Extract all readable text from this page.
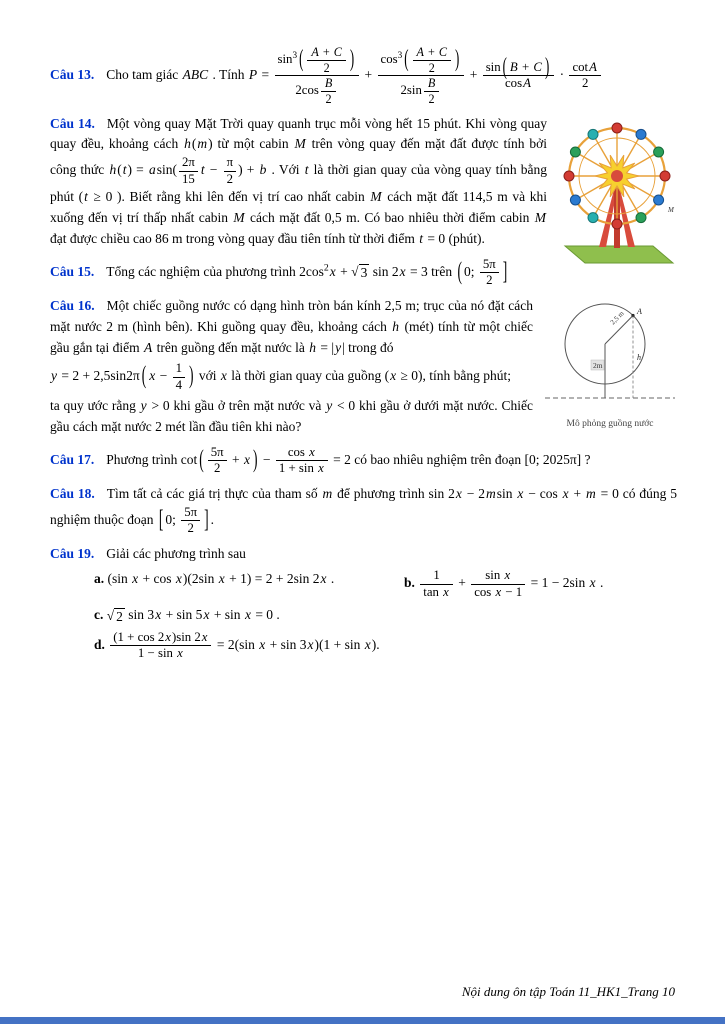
Câu 13. Cho tam giác ABC . Tính $P = \frac{\sin^3 ( \frac{A + C}{2} )}{2\cos \frac{B}{2}} + \frac{\cos^3 ( \frac{A + C}{2} )}{2\sin \frac{B}{2}} + \frac{\sin ( B + C )}{\cos A} \cdot \frac{\cot A}{2}$

M

Câu 14. Một vòng quay Mặt Trời quay quanh trục mỗi vòng hết 15 phút. Khi vòng quay quay đều, khoảng cách h(m) từ một cabin M trên vòng quay đến mặt đất được tính bởi công thức $h(t) = asin( \frac{2\pi}{15}$ $t - \frac{\pi}{2}$ ) + b . Với t là thời gian quay của vòng quay tính bằng phút (t ≥ 0 ). Biết rằng khi lên đến vị trí cao nhất cabin M cách mặt đất 114,5 m và khi xuống đến vị trí thấp nhất cabin M cách mặt đất 0,5 m. Có bao nhiêu thời điểm cabin M đạt được chiều cao 86 m trong vòng quay đầu tiên tính từ thời điểm t = 0 (phút).

Câu 15. Tổng các nghiệm của phương trình $2\cos^2x$ + √ 3 sin 2x = 3 trên ( 0; $\frac{5\pi}{2}$ ]

A
2,5 m
2m
h
Mô phỏng guồng nước

Câu 16. Một chiếc guồng nước có dạng hình tròn bán kính 2,5 m; trục của nó đặt cách mặt nước 2 m (hình bên). Khi guồng quay đều, khoảng cách h (mét) tính từ một chiếc gầu gắn tại điểm A trên guồng đến mặt nước là h = |y| trong đó

y = 2 + 2,5sin2π ( $x - \frac{1}{4}$ ) với x là thời gian quay của guồng (x ≥ 0), tính bằng phút;

ta quy ước rằng y > 0 khi gầu ở trên mặt nước và y < 0 khi gầu ở dưới mặt nước. Chiếc gầu cách mặt nước 2 mét lần đầu tiên khi nào?

Câu 17. Phương trình cot ( $\frac{5\pi}{2} + x$ ) − $\frac{\text{cos x}}{\text{1 + sin x}} = 2$ có bao nhiêu nghiệm trên đoạn [0; 2025π] ?

Câu 18. Tìm tất cả các giá trị thực của tham số m để phương trình sin 2x − 2msin x − cos x + m = 0 có đúng 5 nghiệm thuộc đoạn [ 0; $\frac{5\pi}{2}$ ] .

Câu 19. Giải các phương trình sau

a. (sin x + cos x)(2sin x + 1) = 2 + 2sin 2x .	b. $\frac{1}{\text{tan x}} + \frac{\text{sin x}}{\text{cos x − 1}} = 1 - 2\sin$ x .
c. √ 2 sin 3x + sin 5x + sin x = 0 .
d. $\frac{(1 + \cos 2x)\sin 2x}{\text{1 − sin x}} = 2(\sin$ x + sin 3x)(1 + sin x).
Nội dung ôn tập Toán 11_HK1_Trang 10
